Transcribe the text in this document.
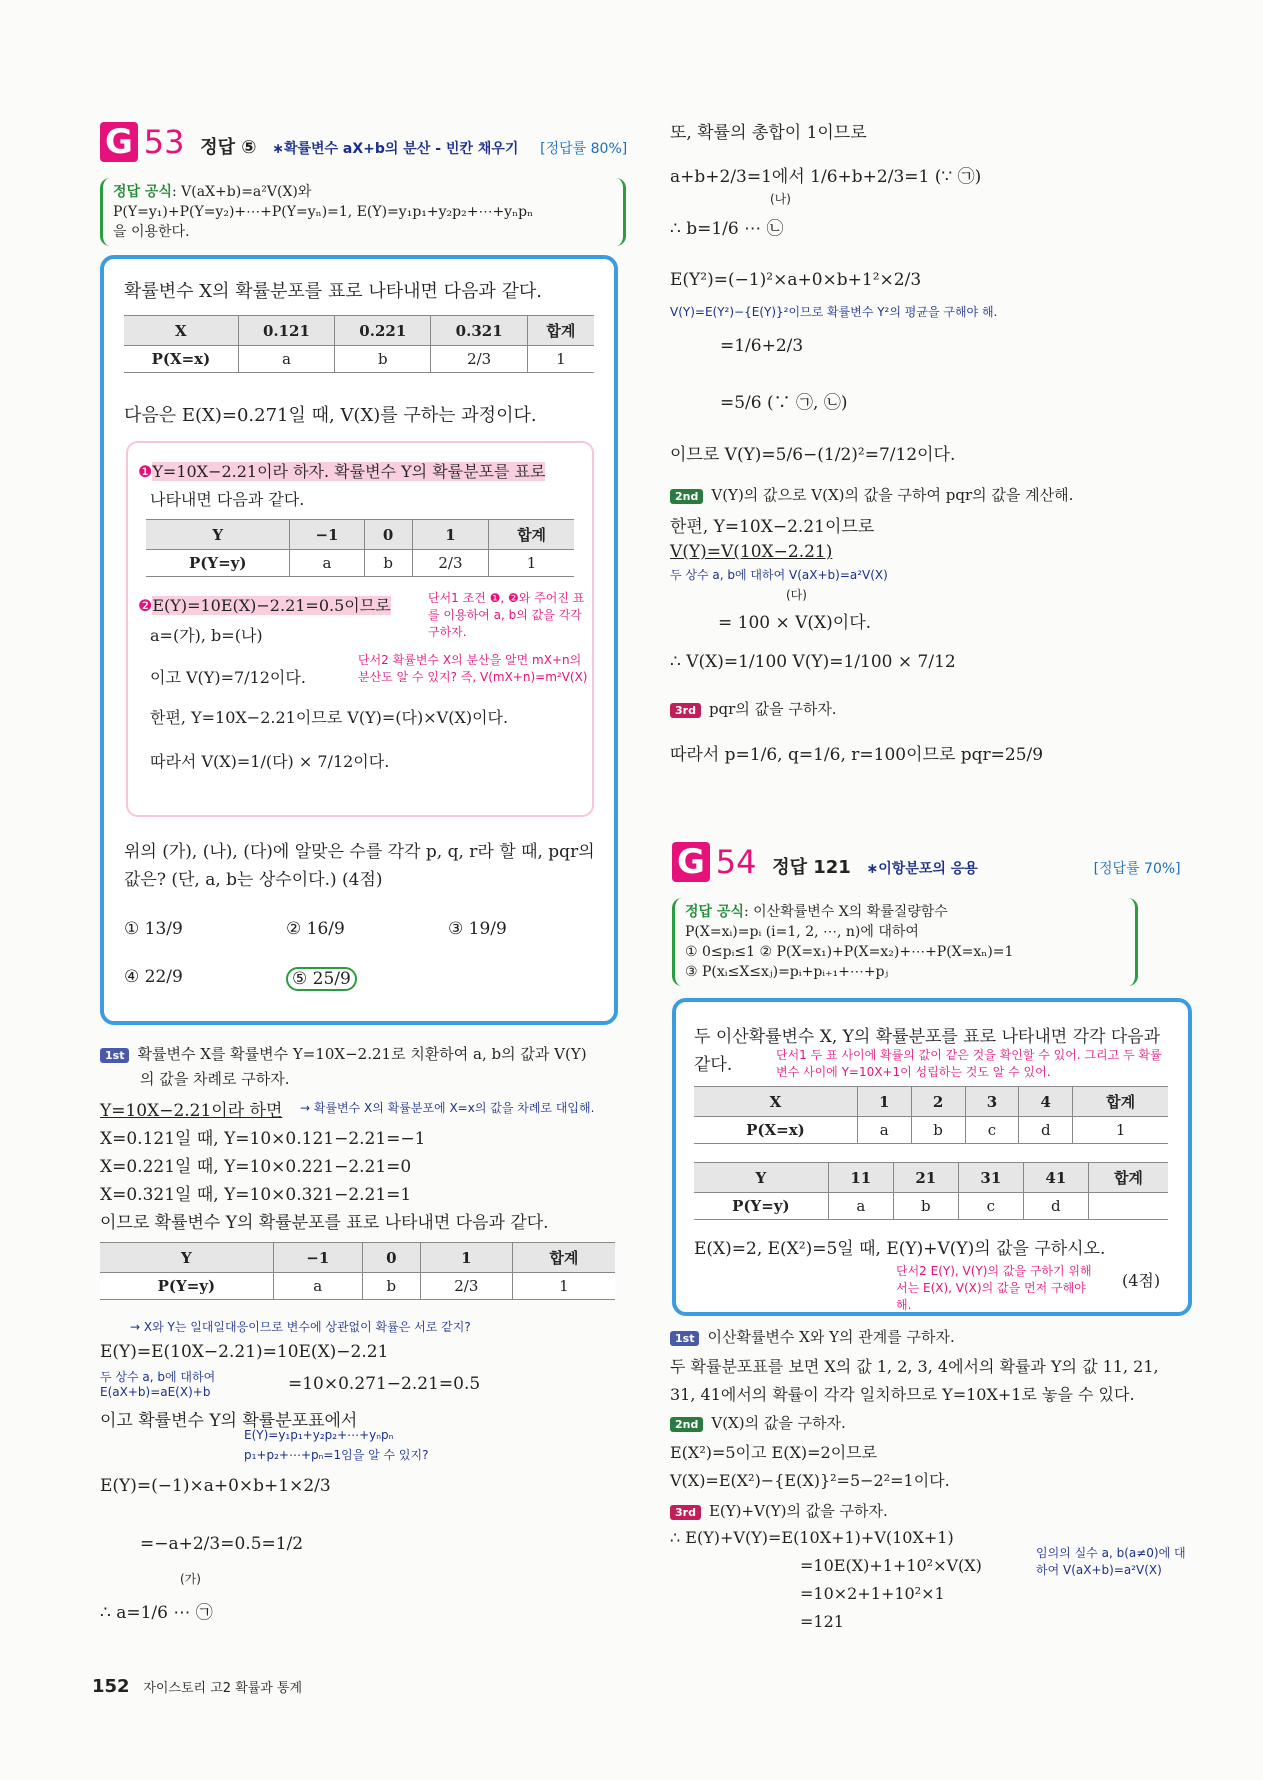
G 53 정답 ⑤ ∗확률변수 aX+b의 분산 - 빈칸 채우기 [정답률 80%]
정답 공식: V(aX+b)=a²V(X)와
P(Y=y₁)+P(Y=y₂)+⋯+P(Y=yₙ)=1, E(Y)=y₁p₁+y₂p₂+⋯+yₙpₙ
을 이용한다.
확률변수 X의 확률분포를 표로 나타내면 다음과 같다.
X	0.121	0.221	0.321	합계
P(X=x)	a	b	2/3	1
다음은 E(X)=0.271일 때, V(X)를 구하는 과정이다.
❶Y=10X−2.21이라 하자. 확률변수 Y의 확률분포를 표로
나타내면 다음과 같다.
Y	−1	0	1	합계
P(Y=y)	a	b	2/3	1
❷E(Y)=10E(X)−2.21=0.5이므로
a=(가), b=(나)
이고 V(Y)=7/12이다.
한편, Y=10X−2.21이므로 V(Y)=(다)×V(X)이다.
따라서 V(X)=1/(다) × 7/12이다.
단서1 조건 ❶, ❷와 주어진 표를 이용하여 a, b의 값을 각각 구하자.
단서2 확률변수 X의 분산을 알면 mX+n의 분산도 알 수 있지? 즉, V(mX+n)=m²V(X)
위의 (가), (나), (다)에 알맞은 수를 각각 p, q, r라 할 때, pqr의
값은? (단, a, b는 상수이다.) (4점)
① 13/9	② 16/9	③ 19/9
④ 22/9	⑤ 25/9
1st 확률변수 X를 확률변수 Y=10X−2.21로 치환하여 a, b의 값과 V(Y)
의 값을 차례로 구하자.
Y=10X−2.21이라 하면 → 확률변수 X의 확률분포에 X=x의 값을 차례로 대입해.
X=0.121일 때, Y=10×0.121−2.21=−1
X=0.221일 때, Y=10×0.221−2.21=0
X=0.321일 때, Y=10×0.321−2.21=1
이므로 확률변수 Y의 확률분포를 표로 나타내면 다음과 같다.
Y	−1	0	1	합계
P(Y=y)	a	b	2/3	1
→ X와 Y는 일대일대응이므로 변수에 상관없이 확률은 서로 같지?
E(Y)=E(10X−2.21)=10E(X)−2.21
두 상수 a, b에 대하여 E(aX+b)=aE(X)+b	=10×0.271−2.21=0.5
이고 확률변수 Y의 확률분포표에서
E(Y)=y₁p₁+y₂p₂+⋯+yₙpₙ
p₁+p₂+⋯+pₙ=1임을 알 수 있지?
E(Y)=(−1)×a+0×b+1×2/3
=−a+2/3=0.5=1/2
(가)
∴ a=1/6 ⋯ ㉠
또, 확률의 총합이 1이므로
a+b+2/3=1에서 1/6+b+2/3=1 (∵ ㉠)
(나)
∴ b=1/6 ⋯ ㉡
E(Y²)=(−1)²×a+0×b+1²×2/3
V(Y)=E(Y²)−{E(Y)}²이므로 확률변수 Y²의 평균을 구해야 해.
=1/6+2/3
=5/6 (∵ ㉠, ㉡)
이므로 V(Y)=5/6−(1/2)²=7/12이다.
2nd V(Y)의 값으로 V(X)의 값을 구하여 pqr의 값을 계산해.
한편, Y=10X−2.21이므로
V(Y)=V(10X−2.21)
두 상수 a, b에 대하여 V(aX+b)=a²V(X)
(다)
= 100 × V(X)이다.
∴ V(X)=1/100 V(Y)=1/100 × 7/12
3rd pqr의 값을 구하자.
따라서 p=1/6, q=1/6, r=100이므로 pqr=25/9
G 54 정답 121 ∗이항분포의 응용	[정답률 70%]
정답 공식: 이산확률변수 X의 확률질량함수
P(X=xᵢ)=pᵢ (i=1, 2, ⋯, n)에 대하여
① 0≤pᵢ≤1 ② P(X=x₁)+P(X=x₂)+⋯+P(X=xₙ)=1
③ P(xᵢ≤X≤xⱼ)=pᵢ+pᵢ₊₁+⋯+pⱼ
두 이산확률변수 X, Y의 확률분포를 표로 나타내면 각각 다음과
같다.	단서1 두 표 사이에 확률의 값이 같은 것을 확인할 수 있어. 그리고 두 확률변수 사이에 Y=10X+1이 성립하는 것도 알 수 있어.
X	1	2	3	4	합계
P(X=x)	a	b	c	d	1
Y	11	21	31	41	합계
P(Y=y)	a	b	c	d	
E(X)=2, E(X²)=5일 때, E(Y)+V(Y)의 값을 구하시오.
단서2 E(Y), V(Y)의 값을 구하기 위해서는 E(X), V(X)의 값을 먼저 구해야 해.
(4점)
1st 이산확률변수 X와 Y의 관계를 구하자.
두 확률분포표를 보면 X의 값 1, 2, 3, 4에서의 확률과 Y의 값 11, 21,
31, 41에서의 확률이 각각 일치하므로 Y=10X+1로 놓을 수 있다.
2nd V(X)의 값을 구하자.
E(X²)=5이고 E(X)=2이므로
V(X)=E(X²)−{E(X)}²=5−2²=1이다.
3rd E(Y)+V(Y)의 값을 구하자.
∴ E(Y)+V(Y)=E(10X+1)+V(10X+1)
=10E(X)+1+10²×V(X)
=10×2+1+10²×1
=121
임의의 실수 a, b(a≠0)에 대하여 V(aX+b)=a²V(X)
152 자이스토리 고2 확률과 통계
